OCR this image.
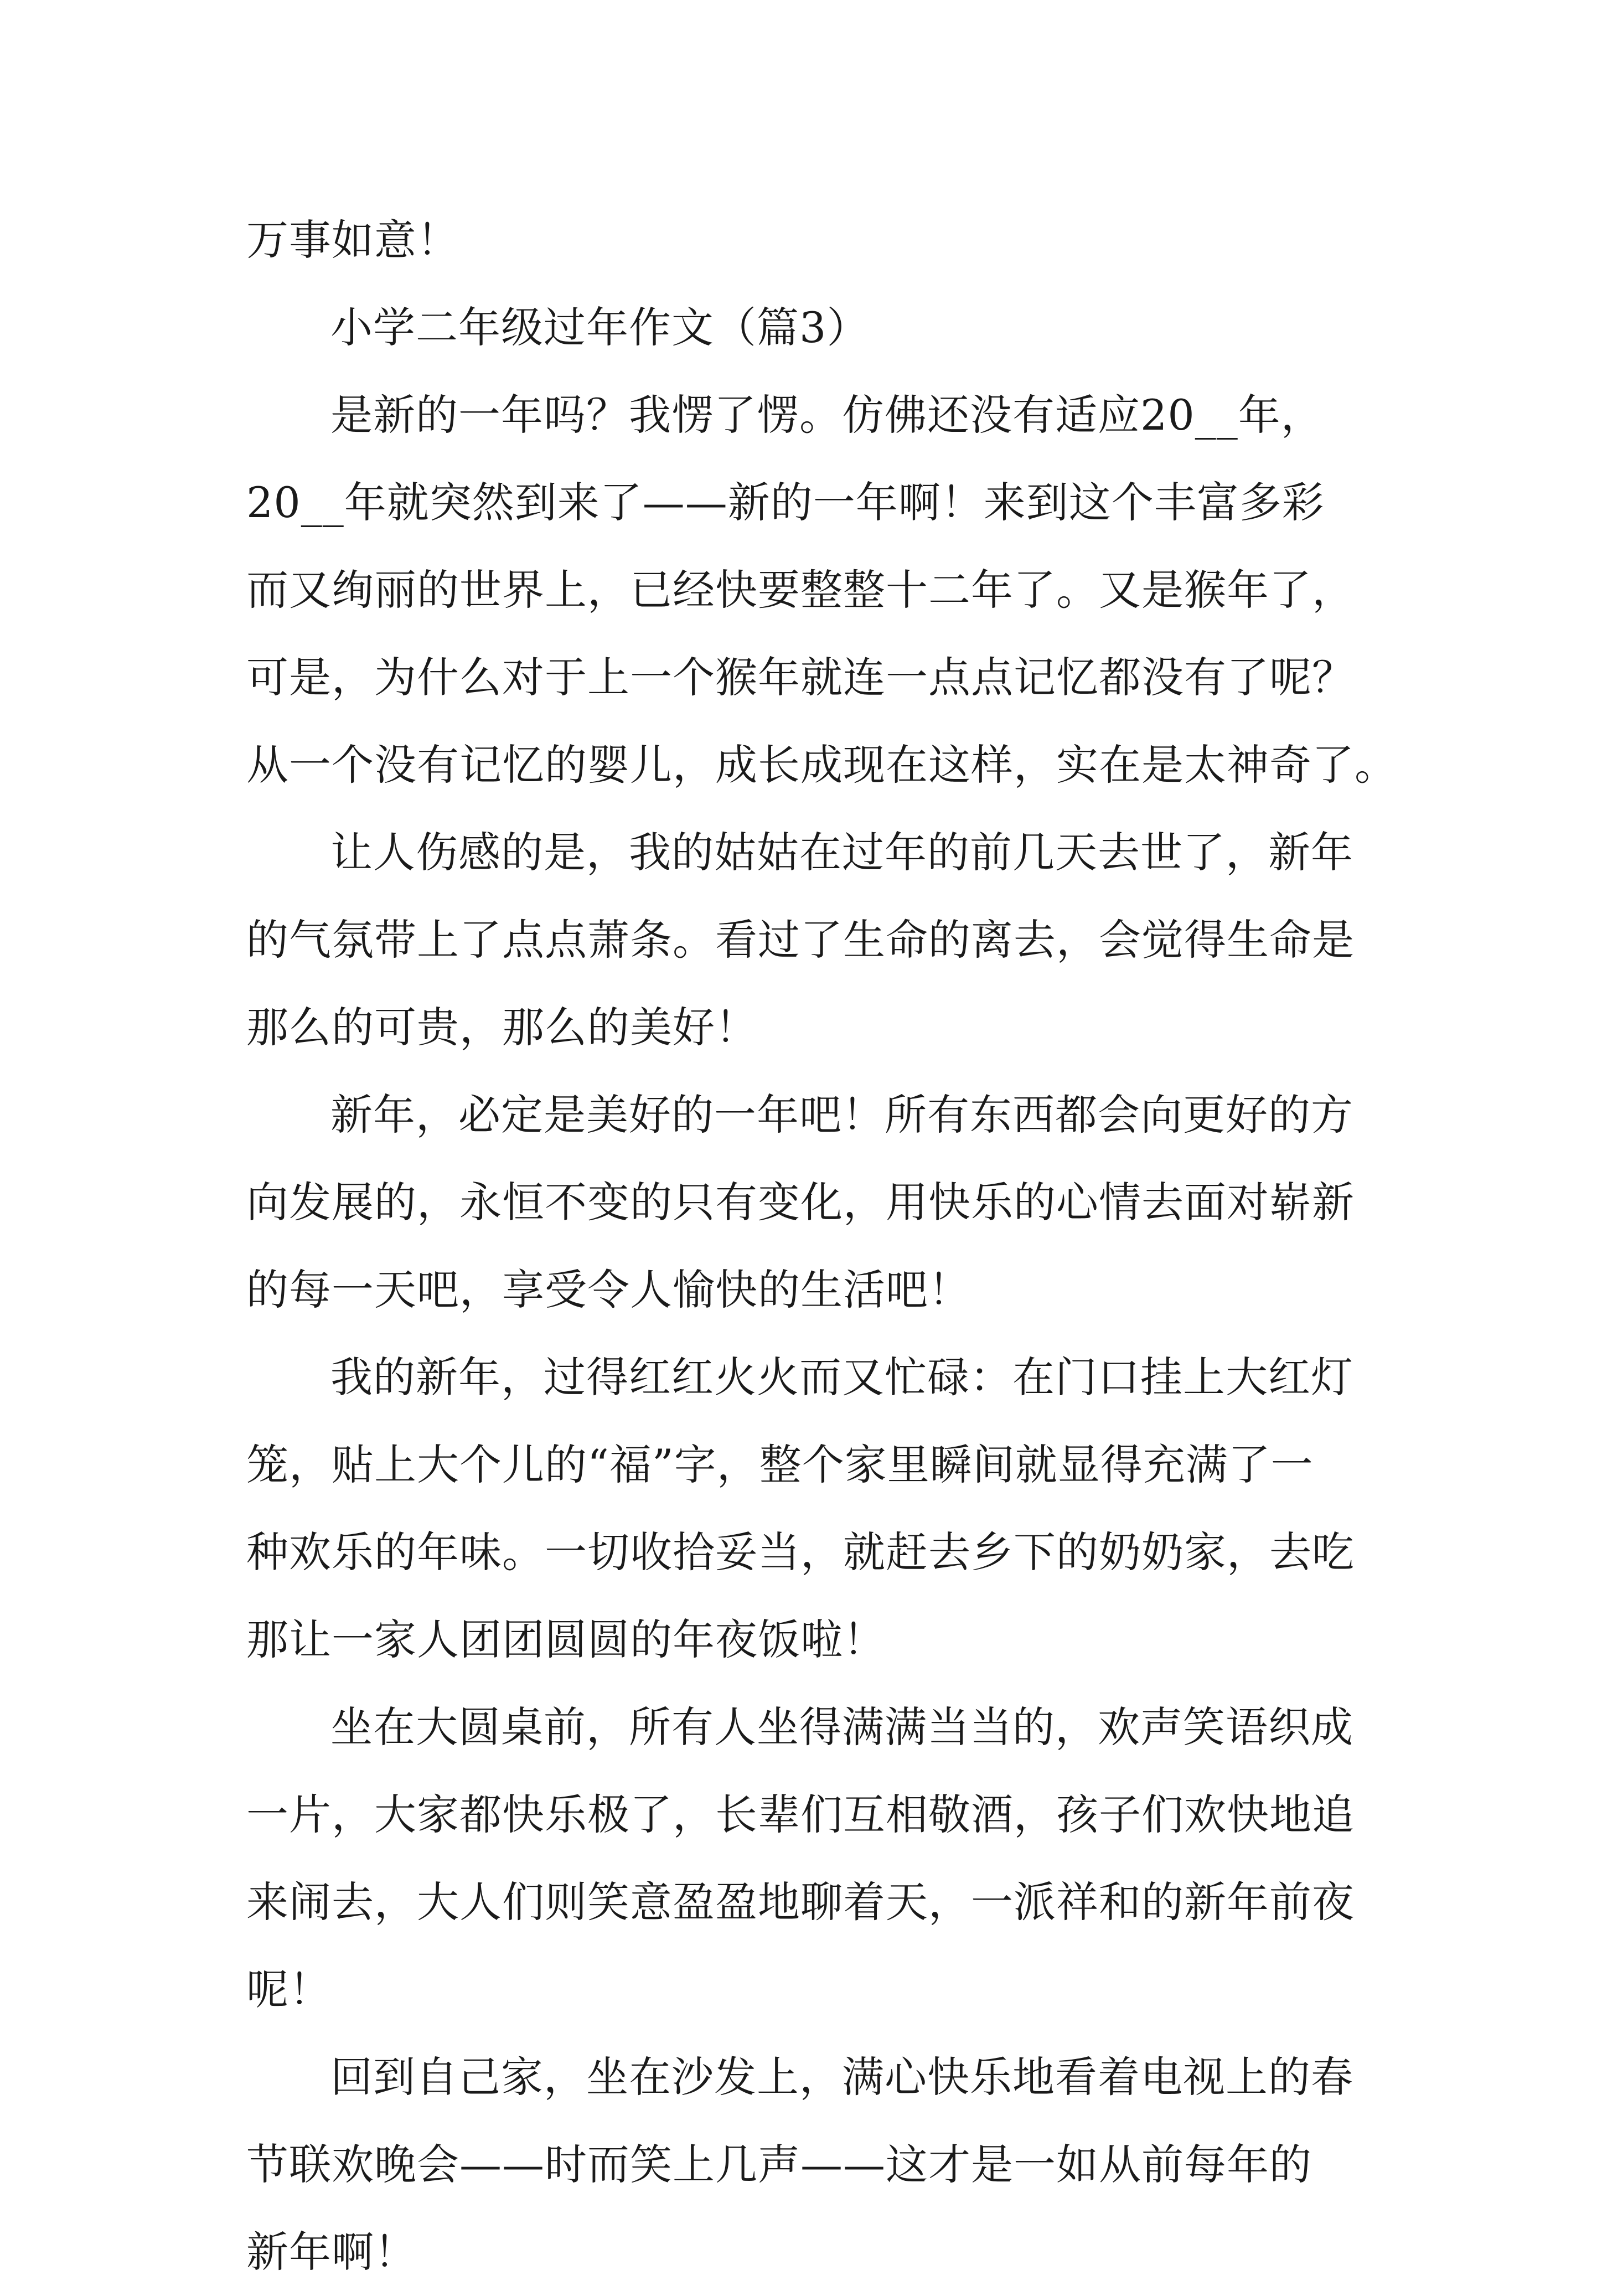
万事如意！
小学二年级过年作文（篇3）
是新的一年吗？我愣了愣。仿佛还没有适应20__年，
20__年就突然到来了——新的一年啊！来到这个丰富多彩
而又绚丽的世界上，已经快要整整十二年了。又是猴年了，
可是，为什么对于上一个猴年就连一点点记忆都没有了呢？
从一个没有记忆的婴儿，成长成现在这样，实在是太神奇了。
让人伤感的是，我的姑姑在过年的前几天去世了，新年
的气氛带上了点点萧条。看过了生命的离去，会觉得生命是
那么的可贵，那么的美好！
新年，必定是美好的一年吧！所有东西都会向更好的方
向发展的，永恒不变的只有变化，用快乐的心情去面对崭新
的每一天吧，享受令人愉快的生活吧！
我的新年，过得红红火火而又忙碌：在门口挂上大红灯
笼，贴上大个儿的“福”字，整个家里瞬间就显得充满了一
种欢乐的年味。一切收拾妥当，就赶去乡下的奶奶家，去吃
那让一家人团团圆圆的年夜饭啦！
坐在大圆桌前，所有人坐得满满当当的，欢声笑语织成
一片，大家都快乐极了，长辈们互相敬酒，孩子们欢快地追
来闹去，大人们则笑意盈盈地聊着天，一派祥和的新年前夜
呢！
回到自己家，坐在沙发上，满心快乐地看着电视上的春
节联欢晚会——时而笑上几声——这才是一如从前每年的
新年啊！
